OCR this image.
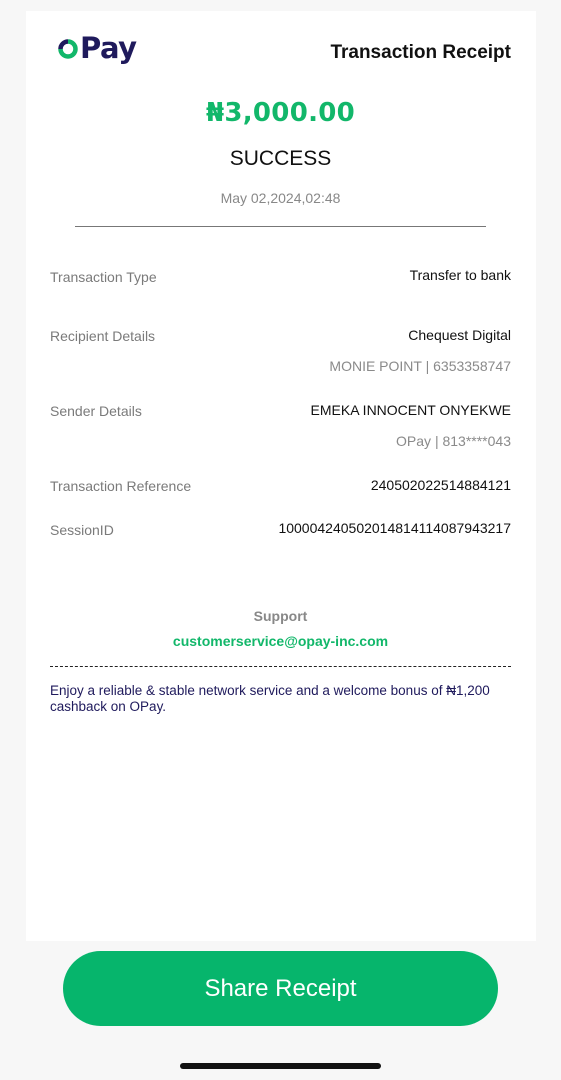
Pay	Transaction Receipt
₦3,000.00
SUCCESS
May 02,2024,02:48
Transaction Type	Transfer to bank
Recipient Details	Chequest Digital
MONIE POINT | 6353358747
Sender Details	EMEKA INNOCENT ONYEKWE
OPay | 813****043
Transaction Reference	240502022514884121
SessionID	100004240502014814114087943217
Support
customerservice@opay-inc.com
Enjoy a reliable & stable network service and a welcome bonus of ₦1,200 cashback on OPay.
Share Receipt
